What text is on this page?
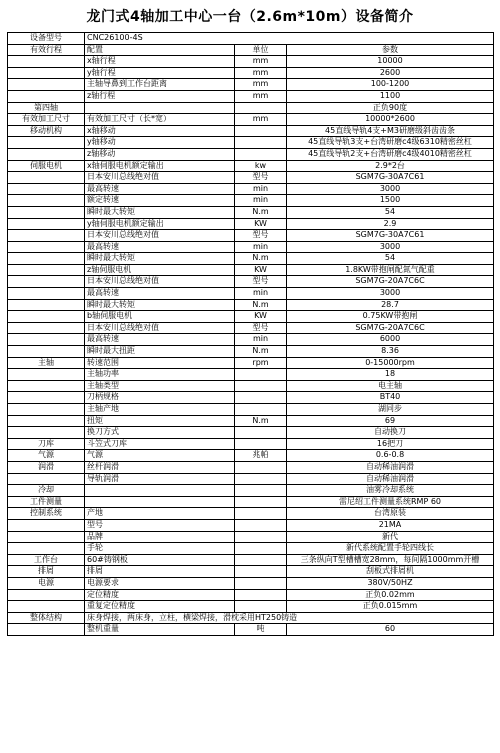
龙门式4轴加工中心一台（2.6m*10m）设备简介
设备型号	CNC26100-4S		
有效行程	配置	单位	参数
	x轴行程	mm	10000
	y轴行程	mm	2600
	主轴导鼻到工作台距离	mm	100-1200
	z轴行程	mm	1100
第四轴			正负90度
有效加工尺寸	有效加工尺寸（长*宽）	mm	10000*2600
移动机构	x轴移动		45直线导轨4支+M3研磨级斜齿齿条
	y轴移动		45直线导轨3支+台湾研磨c4级6310精密丝杠
	z轴移动		45直线导轨2支+台湾研磨c4级4010精密丝杠
伺服电机	x轴伺服电机额定输出	kw	2.9*2台
	日本安川总线绝对值	型号	SGM7G-30A7C61
	最高转速	min	3000
	额定转速	min	1500
	瞬时最大转矩	N.m	54
	y轴伺服电机额定输出	KW	2.9
	日本安川总线绝对值	型号	SGM7G-30A7C61
	最高转速	min	3000
	瞬时最大转矩	N.m	54
	z轴伺服电机	KW	1.8KW带抱闸配氮气配重
	日本安川总线绝对值	型号	SGM7G-20A7C6C
	最高转速	min	3000
	瞬时最大转矩	N.m	28.7
	b轴伺服电机	KW	0.75KW带抱闸
	日本安川总线绝对值	型号	SGM7G-20A7C6C
	最高转速	min	6000
	瞬时最大扭距	N.m	8.36
主轴	转速范围	rpm	0-15000rpm
	主轴功率		18
	主轴类型		电主轴
	刀柄规格		BT40
	主轴产地		湖同步
	扭矩	N.m	69
	换刀方式		自动换刀
刀库	斗笠式刀库		16把刀
气源	气源	兆帕	0.6-0.8
润滑	丝杆润滑		自动稀油润滑
	导轨润滑		自动稀油润滑
冷却			油雾冷却系统
工件测量			雷尼绍工件测量系统RMP 60
控制系统	产地		台湾原装
	型号		21MA
	品牌		新代
	手轮		新代系统配置手轮四线长
工作台	60#铸钢板		三条纵向T型槽槽宽28mm，每间隔1000mm开槽
排屑	排屑		刮板式排屑机
电源	电源要求		380V/50HZ
	定位精度		正负0.02mm
	重复定位精度		正负0.015mm
整体结构	床身焊接，两床身，立柱，横梁焊接，滑枕采用HT250铸造		
	整机重量	吨	60
